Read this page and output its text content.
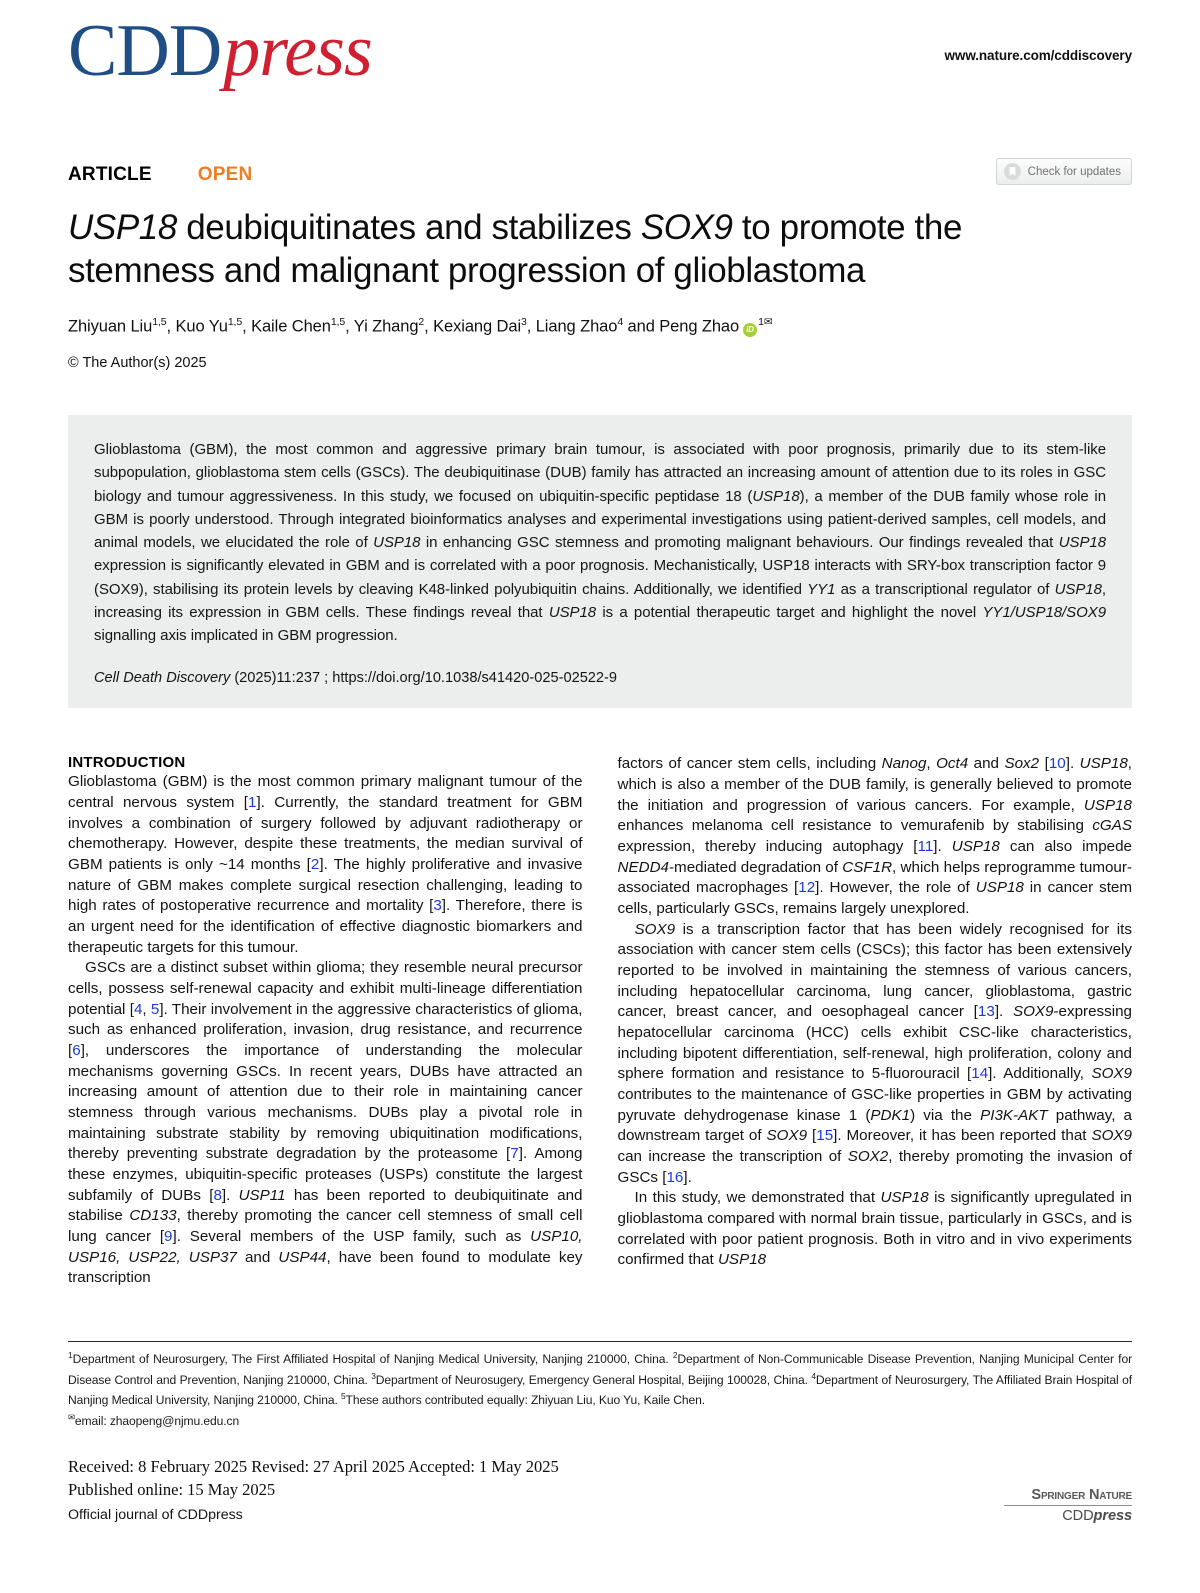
CDDpress	www.nature.com/cddiscovery
ARTICLE OPEN	Check for updates
USP18 deubiquitinates and stabilizes SOX9 to promote the stemness and malignant progression of glioblastoma
Zhiyuan Liu$^{1,5}$, Kuo Yu$^{1,5}$, Kaile Chen$^{1,5}$, Yi Zhang$^2$, Kexiang Dai$^3$, Liang Zhao$^4$ and Peng Zhao $iD^{1✉}$
© The Author(s) 2025
Glioblastoma (GBM), the most common and aggressive primary brain tumour, is associated with poor prognosis, primarily due to its stem-like subpopulation, glioblastoma stem cells (GSCs). The deubiquitinase (DUB) family has attracted an increasing amount of attention due to its roles in GSC biology and tumour aggressiveness. In this study, we focused on ubiquitin-specific peptidase 18 (USP18), a member of the DUB family whose role in GBM is poorly understood. Through integrated bioinformatics analyses and experimental investigations using patient-derived samples, cell models, and animal models, we elucidated the role of USP18 in enhancing GSC stemness and promoting malignant behaviours. Our findings revealed that USP18 expression is significantly elevated in GBM and is correlated with a poor prognosis. Mechanistically, USP18 interacts with SRY-box transcription factor 9 (SOX9), stabilising its protein levels by cleaving K48-linked polyubiquitin chains. Additionally, we identified YY1 as a transcriptional regulator of USP18, increasing its expression in GBM cells. These findings reveal that USP18 is a potential therapeutic target and highlight the novel YY1/USP18/SOX9 signalling axis implicated in GBM progression.
Cell Death Discovery (2025)11:237 ; https://doi.org/10.1038/s41420-025-02522-9
INTRODUCTION

Glioblastoma (GBM) is the most common primary malignant tumour of the central nervous system [1]. Currently, the standard treatment for GBM involves a combination of surgery followed by adjuvant radiotherapy or chemotherapy. However, despite these treatments, the median survival of GBM patients is only ~14 months [2]. The highly proliferative and invasive nature of GBM makes complete surgical resection challenging, leading to high rates of postoperative recurrence and mortality [3]. Therefore, there is an urgent need for the identification of effective diagnostic biomarkers and therapeutic targets for this tumour.

GSCs are a distinct subset within glioma; they resemble neural precursor cells, possess self-renewal capacity and exhibit multi-lineage differentiation potential [4, 5]. Their involvement in the aggressive characteristics of glioma, such as enhanced proliferation, invasion, drug resistance, and recurrence [6], underscores the importance of understanding the molecular mechanisms governing GSCs. In recent years, DUBs have attracted an increasing amount of attention due to their role in maintaining cancer stemness through various mechanisms. DUBs play a pivotal role in maintaining substrate stability by removing ubiquitination modifications, thereby preventing substrate degradation by the proteasome [7]. Among these enzymes, ubiquitin-specific proteases (USPs) constitute the largest subfamily of DUBs [8]. USP11 has been reported to deubiquitinate and stabilise CD133, thereby promoting the cancer cell stemness of small cell lung cancer [9]. Several members of the USP family, such as USP10, USP16, USP22, USP37 and USP44, have been found to modulate key transcription

factors of cancer stem cells, including Nanog, Oct4 and Sox2 [10]. USP18, which is also a member of the DUB family, is generally believed to promote the initiation and progression of various cancers. For example, USP18 enhances melanoma cell resistance to vemurafenib by stabilising cGAS expression, thereby inducing autophagy [11]. USP18 can also impede NEDD4-mediated degradation of CSF1R, which helps reprogramme tumour-associated macrophages [12]. However, the role of USP18 in cancer stem cells, particularly GSCs, remains largely unexplored.

SOX9 is a transcription factor that has been widely recognised for its association with cancer stem cells (CSCs); this factor has been extensively reported to be involved in maintaining the stemness of various cancers, including hepatocellular carcinoma, lung cancer, glioblastoma, gastric cancer, breast cancer, and oesophageal cancer [13]. SOX9-expressing hepatocellular carcinoma (HCC) cells exhibit CSC-like characteristics, including bipotent differentiation, self-renewal, high proliferation, colony and sphere formation and resistance to 5-fluorouracil [14]. Additionally, SOX9 contributes to the maintenance of GSC-like properties in GBM by activating pyruvate dehydrogenase kinase 1 (PDK1) via the PI3K-AKT pathway, a downstream target of SOX9 [15]. Moreover, it has been reported that SOX9 can increase the transcription of SOX2, thereby promoting the invasion of GSCs [16].

In this study, we demonstrated that USP18 is significantly upregulated in glioblastoma compared with normal brain tissue, particularly in GSCs, and is correlated with poor patient prognosis. Both in vitro and in vivo experiments confirmed that USP18

$^1$Department of Neurosurgery, The First Affiliated Hospital of Nanjing Medical University, Nanjing 210000, China. $^2$Department of Non-Communicable Disease Prevention, Nanjing Municipal Center for Disease Control and Prevention, Nanjing 210000, China. $^3$Department of Neurosugery, Emergency General Hospital, Beijing 100028, China. $^4$Department of Neurosurgery, The Affiliated Brain Hospital of Nanjing Medical University, Nanjing 210000, China. $^5$These authors contributed equally: Zhiyuan Liu, Kuo Yu, Kaile Chen.
✉email: zhaopeng@njmu.edu.cn
Received: 8 February 2025 Revised: 27 April 2025 Accepted: 1 May 2025
Published online: 15 May 2025
Official journal of CDDpress
Springer Nature
CDDpress
